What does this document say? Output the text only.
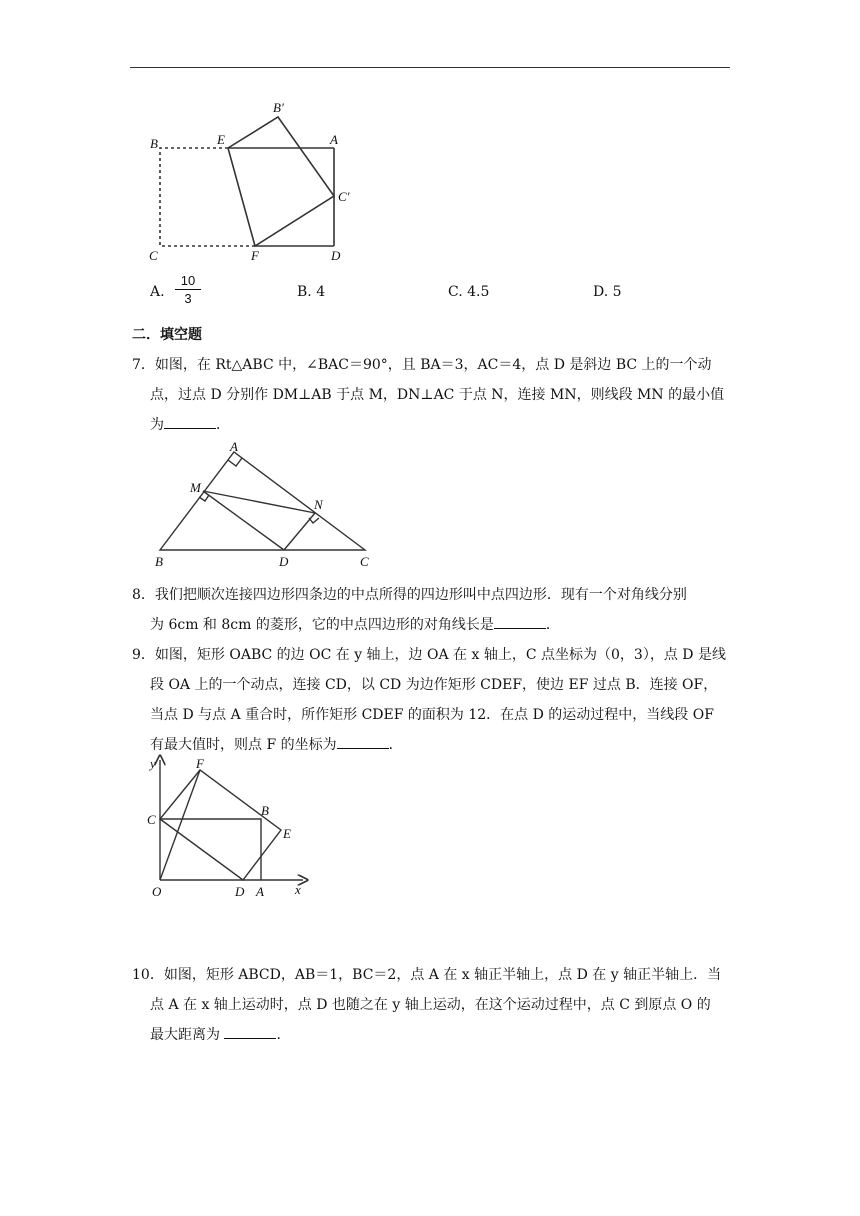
B′
B	E	A
C′
C	F	D
A. $\frac{10}{3}$	B. 4	C. 4.5	D. 5
二．填空题
7．如图，在 Rt△ABC 中，∠BAC＝90°，且 BA＝3，AC＝4，点 D 是斜边 BC 上的一个动
点，过点 D 分别作 DM⊥AB 于点 M，DN⊥AC 于点 N，连接 MN，则线段 MN 的最小值
为	．
A
M
N
B	D	C
8．我们把顺次连接四边形四条边的中点所得的四边形叫中点四边形．现有一个对角线分别
为 6cm 和 8cm 的菱形，它的中点四边形的对角线长是	．
9．如图，矩形 OABC 的边 OC 在 y 轴上，边 OA 在 x 轴上，C 点坐标为（0，3），点 D 是线
段 OA 上的一个动点，连接 CD，以 CD 为边作矩形 CDEF，使边 EF 过点 B．连接 OF，
当点 D 与点 A 重合时，所作矩形 CDEF 的面积为 12．在点 D 的运动过程中，当线段 OF
有最大值时，则点 F 的坐标为	．
y	F
C
B
E
O	D A x
10．如图，矩形 ABCD，AB＝1，BC＝2，点 A 在 x 轴正半轴上，点 D 在 y 轴正半轴上．当
点 A 在 x 轴上运动时，点 D 也随之在 y 轴上运动，在这个运动过程中，点 C 到原点 O 的
最大距离为	．
